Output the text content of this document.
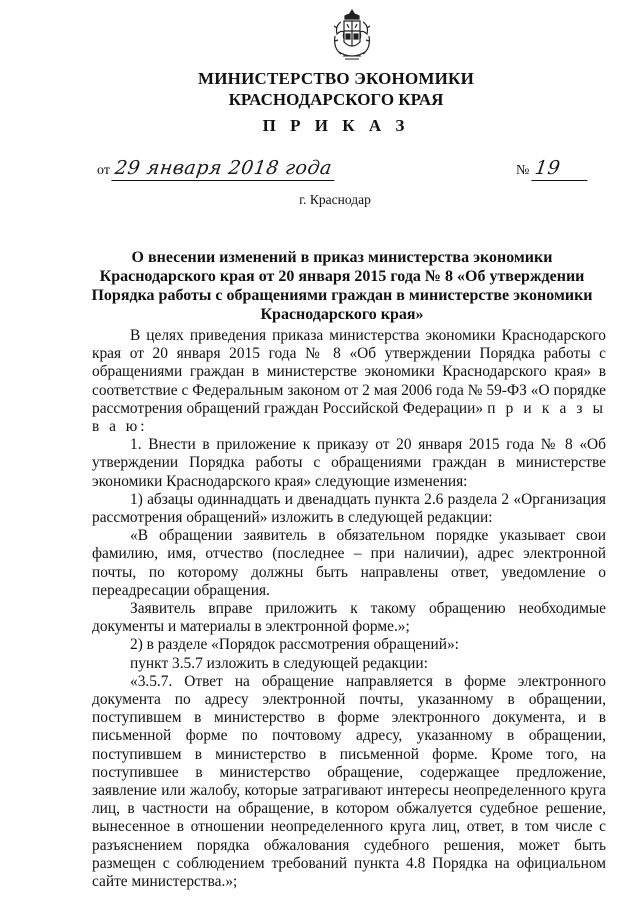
МИНИСТЕРСТВО ЭКОНОМИКИ
КРАСНОДАРСКОГО КРАЯ
П Р И К А З
от 29 января 2018 года	№ 19
г. Краснодар
О внесении изменений в приказ министерства экономики Краснодарского края от 20 января 2015 года № 8 «Об утверждении Порядка работы с обращениями граждан в министерстве экономики Краснодарского края»

В целях приведения приказа министерства экономики Краснодарского края от 20 января 2015 года № 8 «Об утверждении Порядка работы с обращениями граждан в министерстве экономики Краснодарского края» в соответствие с Федеральным законом от 2 мая 2006 года № 59-ФЗ «О порядке рассмотрения обращений граждан Российской Федерации» п р и к а з ы в а ю:

1. Внести в приложение к приказу от 20 января 2015 года № 8 «Об утверждении Порядка работы с обращениями граждан в министерстве экономики Краснодарского края» следующие изменения:

1) абзацы одиннадцать и двенадцать пункта 2.6 раздела 2 «Организация рассмотрения обращений» изложить в следующей редакции:

«В обращении заявитель в обязательном порядке указывает свои фамилию, имя, отчество (последнее – при наличии), адрес электронной почты, по которому должны быть направлены ответ, уведомление о переадресации обращения.

Заявитель вправе приложить к такому обращению необходимые документы и материалы в электронной форме.»;

2) в разделе «Порядок рассмотрения обращений»:

пункт 3.5.7 изложить в следующей редакции:

«3.5.7. Ответ на обращение направляется в форме электронного документа по адресу электронной почты, указанному в обращении, поступившем в министерство в форме электронного документа, и в письменной форме по почтовому адресу, указанному в обращении, поступившем в министерство в письменной форме. Кроме того, на поступившее в министерство обращение, содержащее предложение, заявление или жалобу, которые затрагивают интересы неопределенного круга лиц, в частности на обращение, в котором обжалуется судебное решение, вынесенное в отношении неопределенного круга лиц, ответ, в том числе с разъяснением порядка обжалования судебного решения, может быть размещен с соблюдением требований пункта 4.8 Порядка на официальном сайте министерства.»;
